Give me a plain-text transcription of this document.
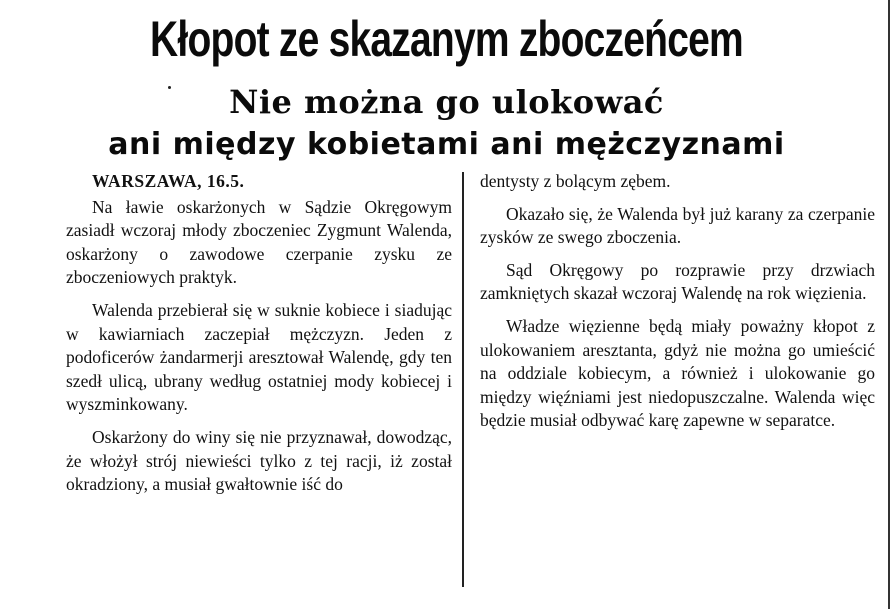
Kłopot ze skazanym zboczeńcem
Nie można go ulokować
ani między kobietami ani mężczyznami
WARSZAWA, 16.5.

Na ławie oskarżonych w Sądzie Okręgowym zasiadł wczoraj młody zboczeniec Zygmunt Walenda, oskarżony o zawodowe czerpanie zysku ze zboczeniowych praktyk.

Walenda przebierał się w suknie kobiece i siadując w kawiarniach zaczepiał mężczyzn. Jeden z podoficerów żandarmerji aresztował Walendę, gdy ten szedł ulicą, ubrany według ostatniej mody kobiecej i wyszminkowany.

Oskarżony do winy się nie przyznawał, dowodząc, że włożył strój niewieści tylko z tej racji, iż został okradziony, a musiał gwałtownie iść do

dentysty z bolącym zębem.

Okazało się, że Walenda był już karany za czerpanie zysków ze swego zboczenia.

Sąd Okręgowy po rozprawie przy drzwiach zamkniętych skazał wczoraj Walendę na rok więzienia.

Władze więzienne będą miały poważny kłopot z ulokowaniem aresztanta, gdyż nie można go umieścić na oddziale kobiecym, a również i ulokowanie go między więźniami jest niedopuszczalne. Walenda więc będzie musiał odbywać karę zapewne w separatce.
